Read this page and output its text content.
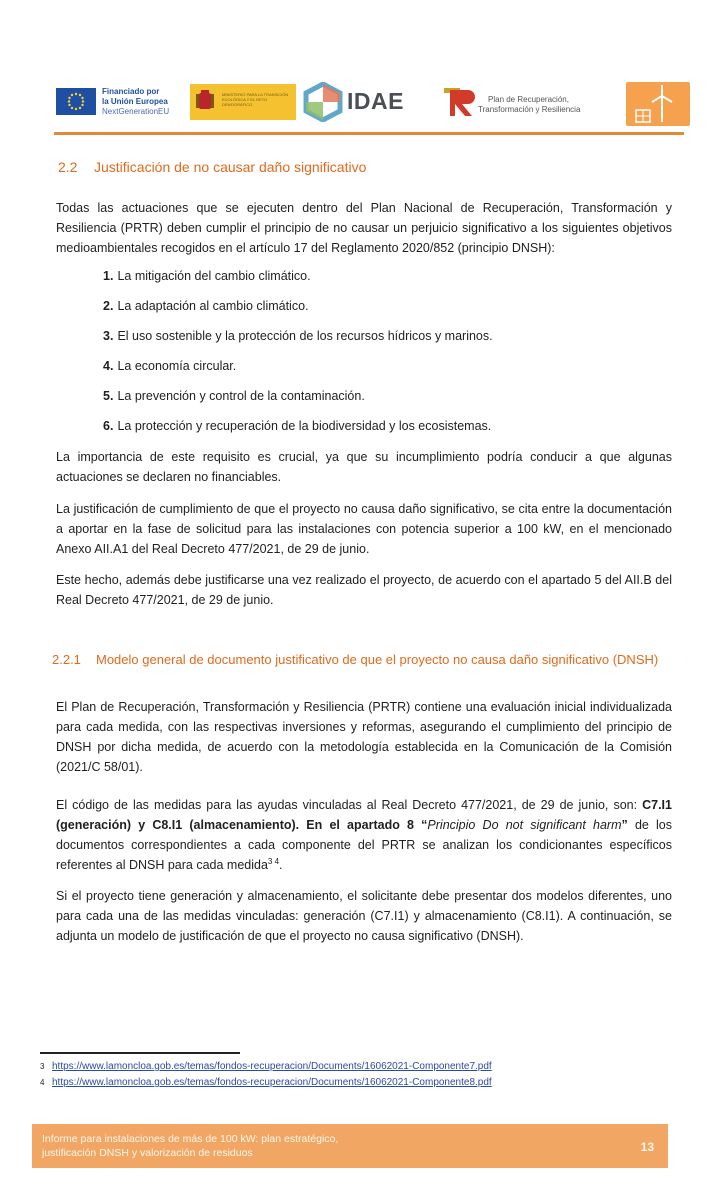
Financiado por
la Unión Europea
NextGenerationEU
MINISTERIO PARA LA TRANSICIÓN ECOLÓGICA Y EL RETO DEMOGRÁFICO	IDAE	Plan de Recuperación,
Transformación y Resiliencia
2.2 Justificación de no causar daño significativo

Todas las actuaciones que se ejecuten dentro del Plan Nacional de Recuperación, Transformación y Resiliencia (PRTR) deben cumplir el principio de no causar un perjuicio significativo a los siguientes objetivos medioambientales recogidos en el artículo 17 del Reglamento 2020/852 (principio DNSH):

1. La mitigación del cambio climático.
2. La adaptación al cambio climático.
3. El uso sostenible y la protección de los recursos hídricos y marinos.
4. La economía circular.
5. La prevención y control de la contaminación.
6. La protección y recuperación de la biodiversidad y los ecosistemas.

La importancia de este requisito es crucial, ya que su incumplimiento podría conducir a que algunas actuaciones se declaren no financiables.

La justificación de cumplimiento de que el proyecto no causa daño significativo, se cita entre la documentación a aportar en la fase de solicitud para las instalaciones con potencia superior a 100 kW, en el mencionado Anexo AII.A1 del Real Decreto 477/2021, de 29 de junio.

Este hecho, además debe justificarse una vez realizado el proyecto, de acuerdo con el apartado 5 del AII.B del Real Decreto 477/2021, de 29 de junio.

2.2.1 Modelo general de documento justificativo de que el proyecto no causa daño significativo (DNSH)

El Plan de Recuperación, Transformación y Resiliencia (PRTR) contiene una evaluación inicial individualizada para cada medida, con las respectivas inversiones y reformas, asegurando el cumplimiento del principio de DNSH por dicha medida, de acuerdo con la metodología establecida en la Comunicación de la Comisión (2021/C 58/01).

El código de las medidas para las ayudas vinculadas al Real Decreto 477/2021, de 29 de junio, son: C7.I1 (generación) y C8.I1 (almacenamiento). En el apartado 8 “Principio Do not significant harm” de los documentos correspondientes a cada componente del PRTR se analizan los condicionantes específicos referentes al DNSH para cada medida$^{3 4}$.

Si el proyecto tiene generación y almacenamiento, el solicitante debe presentar dos modelos diferentes, uno para cada una de las medidas vinculadas: generación (C7.I1) y almacenamiento (C8.I1). A continuación, se adjunta un modelo de justificación de que el proyecto no causa significativo (DNSH).

3 https://www.lamoncloa.gob.es/temas/fondos-recuperacion/Documents/16062021-Componente7.pdf
4 https://www.lamoncloa.gob.es/temas/fondos-recuperacion/Documents/16062021-Componente8.pdf
Informe para instalaciones de más de 100 kW: plan estratégico,
justificación DNSH y valorización de residuos	13
